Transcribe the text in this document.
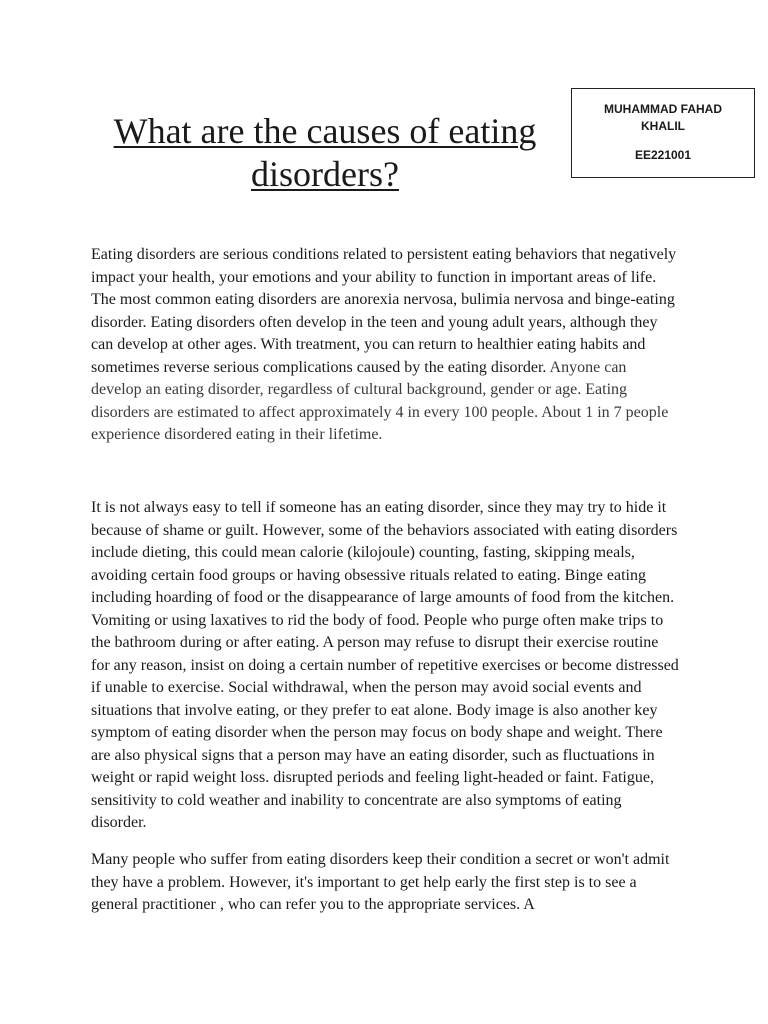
What are the causes of eating
disorders?
MUHAMMAD FAHAD
KHALIL
EE221001

Eating disorders are serious conditions related to persistent eating behaviors that negatively impact your health, your emotions and your ability to function in important areas of life. The most common eating disorders are anorexia nervosa, bulimia nervosa and binge-eating disorder. Eating disorders often develop in the teen and young adult years, although they can develop at other ages. With treatment, you can return to healthier eating habits and sometimes reverse serious complications caused by the eating disorder. Anyone can develop an eating disorder, regardless of cultural background, gender or age. Eating disorders are estimated to affect approximately 4 in every 100 people. About 1 in 7 people experience disordered eating in their lifetime.

It is not always easy to tell if someone has an eating disorder, since they may try to hide it because of shame or guilt. However, some of the behaviors associated with eating disorders include dieting, this could mean calorie (kilojoule) counting, fasting, skipping meals, avoiding certain food groups or having obsessive rituals related to eating. Binge eating including hoarding of food or the disappearance of large amounts of food from the kitchen. Vomiting or using laxatives to rid the body of food. People who purge often make trips to the bathroom during or after eating. A person may refuse to disrupt their exercise routine for any reason, insist on doing a certain number of repetitive exercises or become distressed if unable to exercise. Social withdrawal, when the person may avoid social events and situations that involve eating, or they prefer to eat alone. Body image is also another key symptom of eating disorder when the person may focus on body shape and weight. There are also physical signs that a person may have an eating disorder, such as fluctuations in weight or rapid weight loss. disrupted periods and feeling light-headed or faint. Fatigue, sensitivity to cold weather and inability to concentrate are also symptoms of eating disorder.

Many people who suffer from eating disorders keep their condition a secret or won't admit they have a problem. However, it's important to get help early the first step is to see a general practitioner , who can refer you to the appropriate services. A
